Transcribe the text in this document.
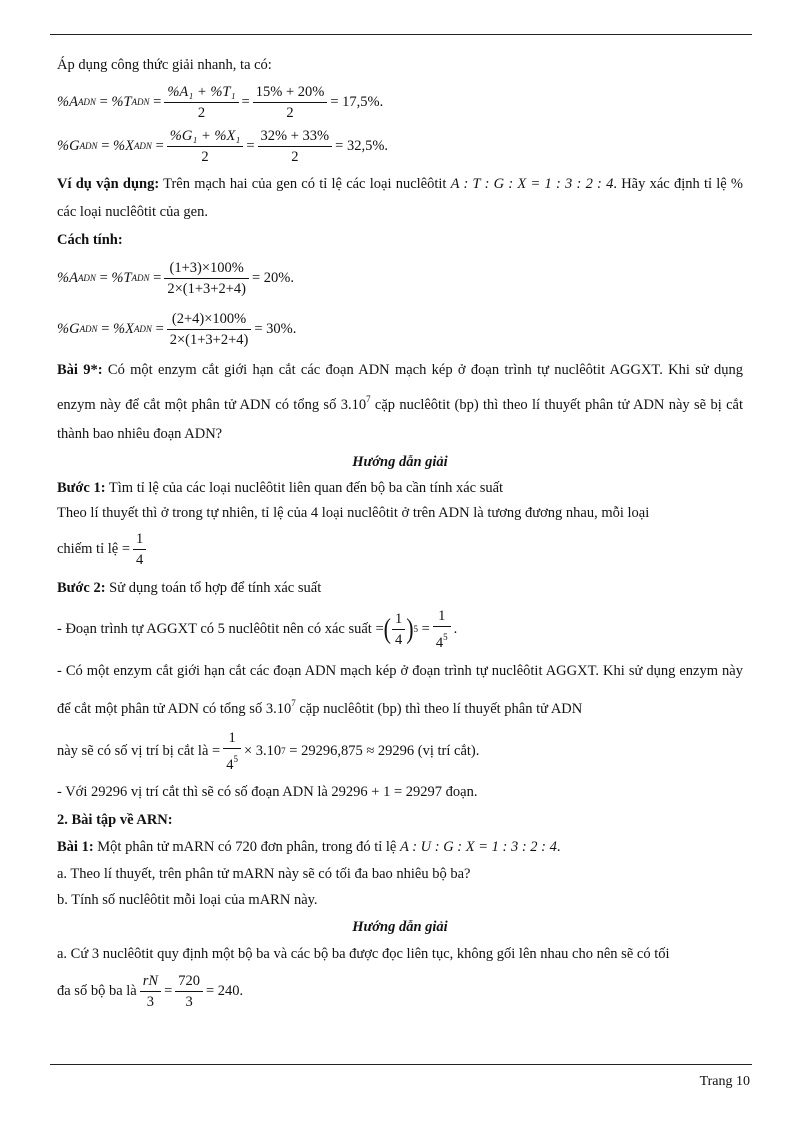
Áp dụng công thức giải nhanh, ta có:
%A ADN = %T ADN = $\frac{\text{\%A₁ + \%T₁}}{2} = \frac{15\% + 20\%}{2} = 17,5\%$.
%G ADN = %X ADN = $\frac{\text{\%G₁ + \%X₁}}{2} = \frac{32\% + 33\%}{2} = 32,5\%$.
Ví dụ vận dụng: Trên mạch hai của gen có tỉ lệ các loại nuclêôtit A : T : G : X = 1 : 3 : 2 : 4. Hãy xác định tỉ lệ % các loại nuclêôtit của gen.
Cách tính:
%A ADN = %T ADN = $\frac{(1+3)\times 100\%}{2\times(1+3+2+4)} = 20\%$.
%G ADN = %X ADN = $\frac{(2+4)\times 100\%}{2\times(1+3+2+4)} = 30\%$.
Bài 9*: Có một enzym cắt giới hạn cắt các đoạn ADN mạch kép ở đoạn trình tự nuclêôtit AGGXT. Khi sử dụng enzym này để cắt một phân tử ADN có tổng số 3.10$^7$ cặp nuclêôtit (bp) thì theo lí thuyết phân tử ADN này sẽ bị cắt thành bao nhiêu đoạn ADN?
Hướng dẫn giải
Bước 1: Tìm tỉ lệ của các loại nuclêôtit liên quan đến bộ ba cần tính xác suất
Theo lí thuyết thì ở trong tự nhiên, tỉ lệ của 4 loại nuclêôtit ở trên ADN là tương đương nhau, mỗi loại
chiếm tỉ lệ = $\frac{1}{4}$
Bước 2: Sử dụng toán tổ hợp để tính xác suất
- Đoạn trình tự AGGXT có 5 nuclêôtit nên có xác suất = ( $\frac{1}{4}$ ) $5 = \frac{1}{4^5}$ .
- Có một enzym cắt giới hạn cắt các đoạn ADN mạch kép ở đoạn trình tự nuclêôtit AGGXT. Khi sử dụng enzym này để cắt một phân tử ADN có tổng số 3.10$^7$ cặp nuclêôtit (bp) thì theo lí thuyết phân tử ADN
này sẽ có số vị trí bị cắt là = $\frac{1}{4^5} \times 3.10$ 7
= 29296,875 ≈ 29296
(vị trí cắt).
- Với 29296 vị trí cắt thì sẽ có số đoạn ADN là 29296 + 1 = 29297 đoạn.
2. Bài tập về ARN:
Bài 1: Một phân tử mARN có 720 đơn phân, trong đó tỉ lệ A : U : G : X = 1 : 3 : 2 : 4.
a. Theo lí thuyết, trên phân tử mARN này sẽ có tối đa bao nhiêu bộ ba?
b. Tính số nuclêôtit mỗi loại của mARN này.
Hướng dẫn giải
a. Cứ 3 nuclêôtit quy định một bộ ba và các bộ ba được đọc liên tục, không gối lên nhau cho nên sẽ có tối
đa số bộ ba là $\frac{rN}{3} = \frac{720}{3} = 240$.
Trang 10
